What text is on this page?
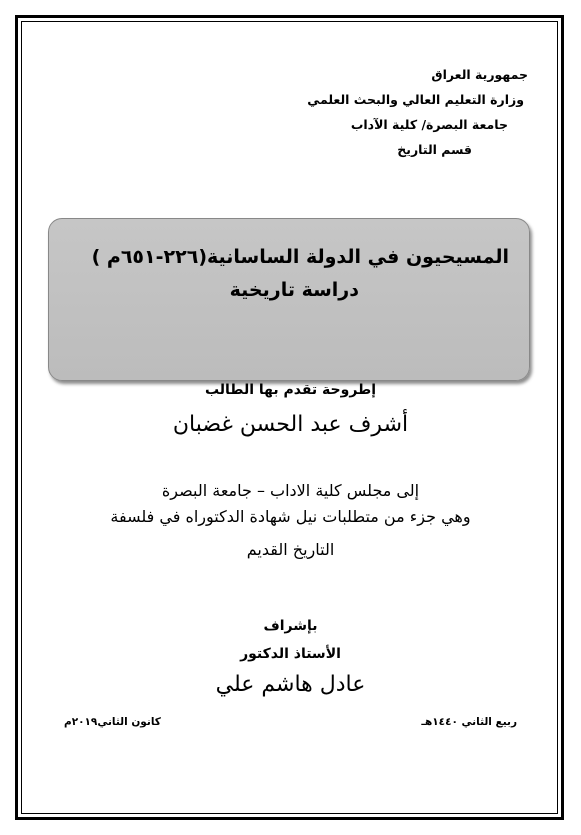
جمهورية العراق
وزارة التعليم العالي والبحث العلمي
جامعة البصرة/ كلية الآداب
قسم التاريخ
المسيحيون في الدولة الساسانية(٢٢٦-٦٥١م )
دراسة تاريخية
إطروحة تقدم بها الطالب
أشرف عبد الحسن غضبان
إلى مجلس كلية الاداب – جامعة البصرة
وهي جزء من متطلبات نيل شهادة الدكتوراه في فلسفة
التاريخ القديم
بإشراف
الأستاذ الدكتور
عادل هاشم علي
ربيع الثاني ١٤٤٠هـ
كانون الثاني٢٠١٩م
